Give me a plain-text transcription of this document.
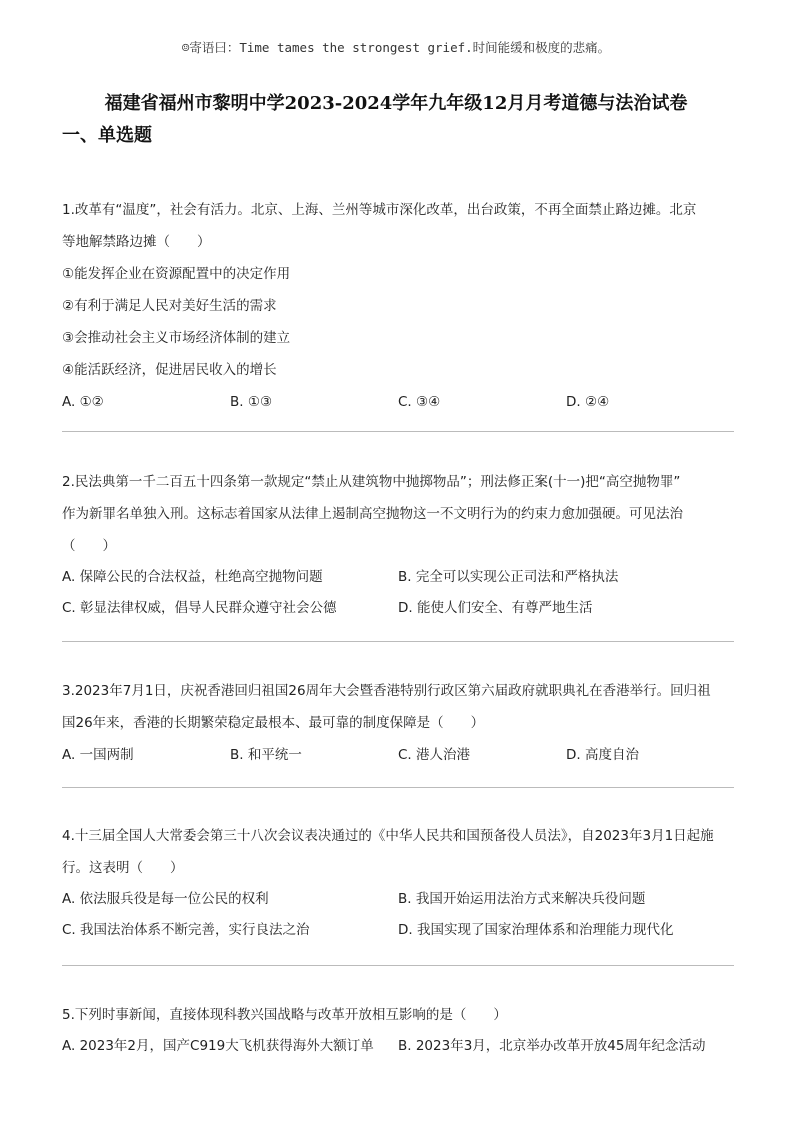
☺寄语曰：Time tames the strongest grief.时间能缓和极度的悲痛。
福建省福州市黎明中学2023-2024学年九年级12月月考道德与法治试卷
一、单选题
1.改革有“温度”，社会有活力。北京、上海、兰州等城市深化改革，出台政策，不再全面禁止路边摊。北京
等地解禁路边摊（　　）
①能发挥企业在资源配置中的决定作用
②有利于满足人民对美好生活的需求
③会推动社会主义市场经济体制的建立
④能活跃经济，促进居民收入的增长
A. ①②	B. ①③	C. ③④	D. ②④
2.民法典第一千二百五十四条第一款规定“禁止从建筑物中抛掷物品”；刑法修正案(十一)把“高空抛物罪”
作为新罪名单独入刑。这标志着国家从法律上遏制高空抛物这一不文明行为的约束力愈加强硬。可见法治
（　　）
A. 保障公民的合法权益，杜绝高空抛物问题	B. 完全可以实现公正司法和严格执法
C. 彰显法律权威，倡导人民群众遵守社会公德	D. 能使人们安全、有尊严地生活
3.2023年7月1日，庆祝香港回归祖国26周年大会暨香港特别行政区第六届政府就职典礼在香港举行。回归祖
国26年来，香港的长期繁荣稳定最根本、最可靠的制度保障是（　　）
A. 一国两制	B. 和平统一	C. 港人治港	D. 高度自治
4.十三届全国人大常委会第三十八次会议表决通过的《中华人民共和国预备役人员法》，自2023年3月1日起施
行。这表明（　　）
A. 依法服兵役是每一位公民的权利	B. 我国开始运用法治方式来解决兵役问题
C. 我国法治体系不断完善，实行良法之治	D. 我国实现了国家治理体系和治理能力现代化
5.下列时事新闻，直接体现科教兴国战略与改革开放相互影响的是（　　）
A. 2023年2月，国产C919大飞机获得海外大额订单	B. 2023年3月，北京举办改革开放45周年纪念活动
